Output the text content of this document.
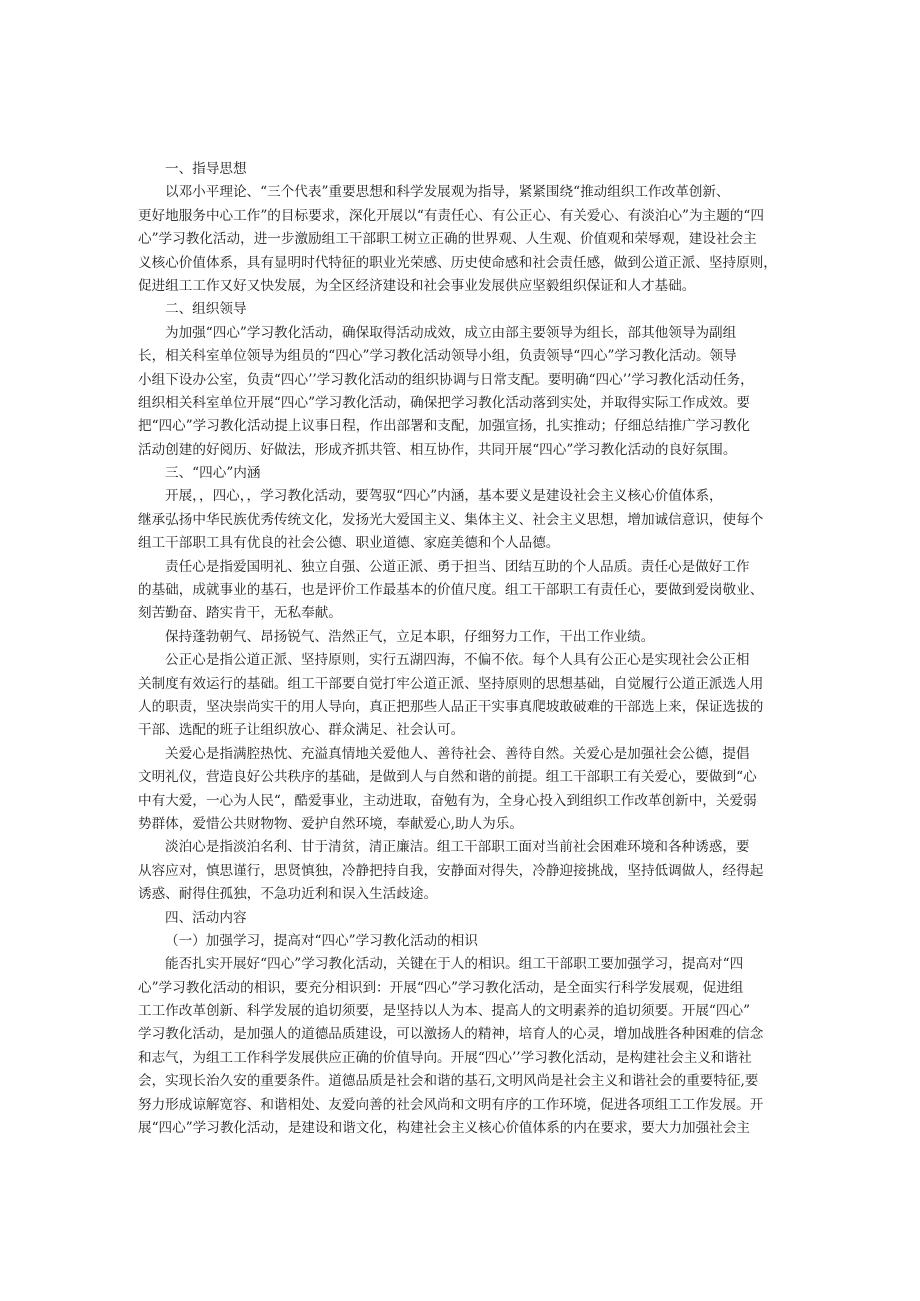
一、指导思想
以邓小平理论、“三个代表”重要思想和科学发展观为指导，紧紧围绕“推动组织工作改革创新、
更好地服务中心工作”的目标要求，深化开展以“有责任心、有公正心、有关爱心、有淡泊心”为主题的“四
心”学习教化活动，进一步激励组工干部职工树立正确的世界观、人生观、价值观和荣辱观，建设社会主
义核心价值体系，具有显明时代特征的职业光荣感、历史使命感和社会责任感，做到公道正派、坚持原则，
促进组工工作又好又快发展，为全区经济建设和社会事业发展供应坚毅组织保证和人才基础。
二、组织领导
为加强“四心”学习教化活动，确保取得活动成效，成立由部主要领导为组长，部其他领导为副组
长，相关科室单位领导为组员的“四心”学习教化活动领导小组，负责领导“四心”学习教化活动。领导
小组下设办公室，负责“四心’’学习教化活动的组织协调与日常支配。要明确“四心’’学习教化活动任务，
组织相关科室单位开展“四心”学习教化活动，确保把学习教化活动落到实处，并取得实际工作成效。要
把“四心”学习教化活动提上议事日程，作出部署和支配，加强宣扬，扎实推动；仔细总结推广学习教化
活动创建的好阅历、好做法，形成齐抓共管、相互协作，共同开展“四心”学习教化活动的良好氛围。
三、“四心”内涵
开展，，四心，，学习教化活动，要驾驭“四心”内涵，基本要义是建设社会主义核心价值体系，
继承弘扬中华民族优秀传统文化，发扬光大爱国主义、集体主义、社会主义思想，增加诚信意识，使每个
组工干部职工具有优良的社会公德、职业道德、家庭美德和个人品德。
责任心是指爱国明礼、独立自强、公道正派、勇于担当、团结互助的个人品质。责任心是做好工作
的基础，成就事业的基石，也是评价工作最基本的价值尺度。组工干部职工有责任心，要做到爱岗敬业、
刻苦勤奋、踏实肯干，无私奉献。
保持蓬勃朝气、昂扬锐气、浩然正气，立足本职，仔细努力工作，干出工作业绩。
公正心是指公道正派、坚持原则，实行五湖四海，不偏不依。每个人具有公正心是实现社会公正相
关制度有效运行的基础。组工干部要自觉打牢公道正派、坚持原则的思想基础，自觉履行公道正派选人用
人的职责，坚决崇尚实干的用人导向，真正把那些人品正干实事真爬坡敢破难的干部选上来，保证选拔的
干部、选配的班子让组织放心、群众满足、社会认可。
关爱心是指满腔热忱、充溢真情地关爱他人、善待社会、善待自然。关爱心是加强社会公德，提倡
文明礼仪，营造良好公共秩序的基础，是做到人与自然和谐的前提。组工干部职工有关爱心，要做到“心
中有大爱，一心为人民“，酷爱事业，主动进取，奋勉有为，全身心投入到组织工作改革创新中，关爱弱
势群体，爱惜公共财物物、爱护自然环境，奉献爱心,助人为乐。
淡泊心是指淡泊名利、甘于清贫，清正廉洁。组工干部职工面对当前社会困难环境和各种诱惑，要
从容应对，慎思谨行，思贤慎独，冷静把持自我，安静面对得失，冷静迎接挑战，坚持低调做人，经得起
诱惑、耐得住孤独，不急功近利和误入生活歧途。
四、活动内容
（一）加强学习，提高对“四心”学习教化活动的相识
能否扎实开展好“四心”学习教化活动，关键在于人的相识。组工干部职工要加强学习，提高对“四
心”学习教化活动的相识，要充分相识到：开展“四心”学习教化活动，是全面实行科学发展观，促进组
工工作改革创新、科学发展的追切须要，是坚持以人为本、提高人的文明素养的追切须要。开展“四心”
学习教化活动，是加强人的道德品质建设，可以激扬人的精神，培育人的心灵，增加战胜各种困难的信念
和志气，为组工工作科学发展供应正确的价值导向。开展“四心’’学习教化活动，是构建社会主义和谐社
会，实现长治久安的重要条件。道德品质是社会和谐的基石,文明风尚是社会主义和谐社会的重要特征,要
努力形成谅解宽容、和谐相处、友爱向善的社会风尚和文明有序的工作环境，促进各项组工工作发展。开
展“四心”学习教化活动，是建设和谐文化，构建社会主义核心价值体系的内在要求，要大力加强社会主
